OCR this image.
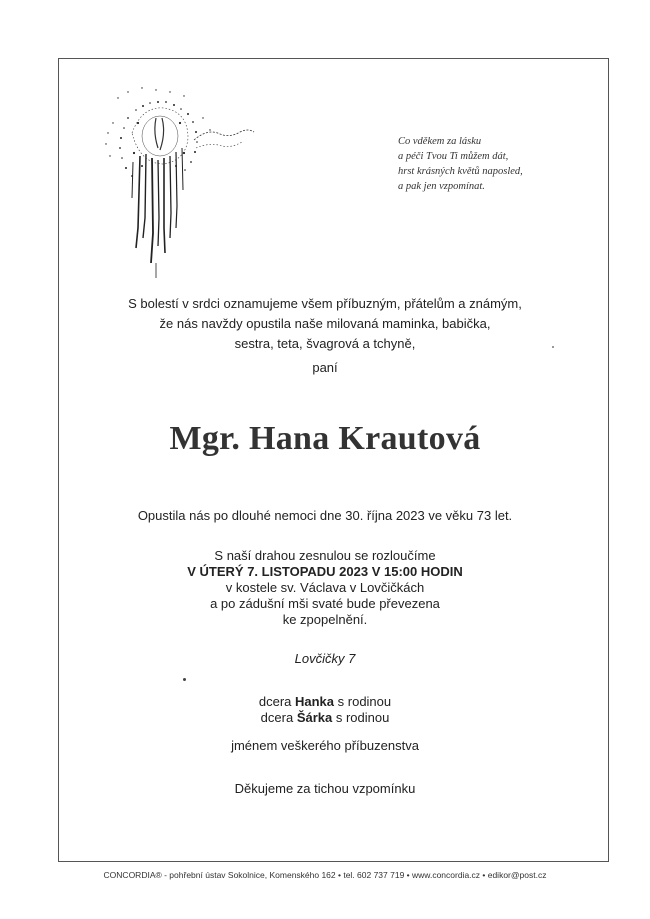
Co vděkem za lásku
a péči Tvou Ti můžem dát,
hrst krásných květů naposled,
a pak jen vzpomínat.
S bolestí v srdci oznamujeme všem příbuzným, přátelům a známým,
že nás navždy opustila naše milovaná maminka, babička,
sestra, teta, švagrová a tchyně,
paní
Mgr. Hana Krautová
Opustila nás po dlouhé nemoci dne 30. října 2023 ve věku 73 let.
S naší drahou zesnulou se rozloučíme
V ÚTERÝ 7. LISTOPADU 2023 V 15:00 HODIN
v kostele sv. Václava v Lovčičkách
a po zádušní mši svaté bude převezena
ke zpopelnění.
Lovčičky 7
dcera Hanka s rodinou
dcera Šárka s rodinou
jménem veškerého příbuzenstva
Děkujeme za tichou vzpomínku
CONCORDIA® - pohřební ústav Sokolnice, Komenského 162 • tel. 602 737 719 • www.concordia.cz • edikor@post.cz
